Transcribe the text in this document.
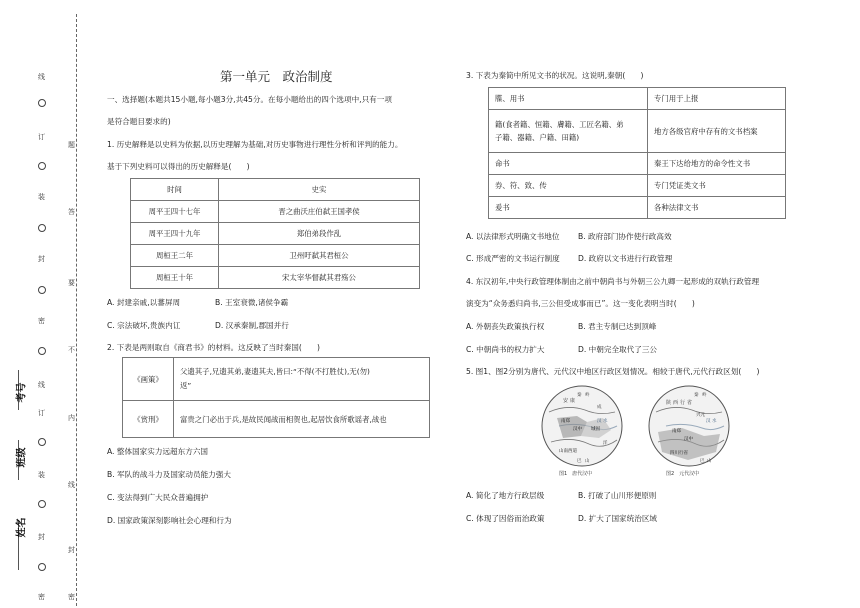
考号
班级
姓名
线
订
装
封
密
线
订
装
封
密
题
答
要
不
内
线
封
密
第一单元　政治制度
一、选择题(本题共15小题,每小题3分,共45分。在每小题给出的四个选项中,只有一项
是符合题目要求的)
1. 历史解释是以史料为依据,以历史理解为基础,对历史事物进行理性分析和评判的能力。
基于下列史料可以得出的历史解释是(　　)
时间	史实
周平王四十七年	晋之曲沃庄伯弑王国孝侯
周平王四十九年	郑伯弟段作乱
周桓王二年	卫州吁弑其君桓公
周桓王十年	宋太宰华督弑其君殇公
A. 封建亲戚,以蕃屏周	B. 王室衰微,诸侯争霸
C. 宗法破坏,贵族内讧	D. 汉承秦制,郡国并行
2. 下表是两则取自《商君书》的材料。这反映了当时秦国(　　)
《画策》	父遗其子,兄遗其弟,妻遗其夫,皆曰:“不得(不打胜仗),无(勿)
返”

《赏刑》	富贵之门必出于兵,是故民闻战而相贺也,起居饮食所歌谣者,战也
A. 整体国家实力远超东方六国
B. 军队的战斗力及国家动员能力强大
C. 变法得到广大民众普遍拥护
D. 国家政策深刻影响社会心理和行为
3. 下表为秦简中所见文书的状况。这说明,秦朝(　　)
牒、用书	专门用于上报
籍(食者籍、恒籍、膚籍、工匠名籍、弟
子籍、器籍、户籍、田籍)	地方各级官府中存有的文书档案
命书	秦王下达给地方的命令性文书
券、符、致、传	专门凭证类文书
爰书	各种法律文书
A. 以法律形式明确文书地位 B. 政府部门协作使行政高效
C. 形成严密的文书运行制度 D. 政府以文书进行行政管理
4. 东汉初年,中央行政管理体制由之前中朝尚书与外朝三公九卿一起形成的双轨行政管理
演变为“众务悉归尚书,三公但受成事而已”。这一变化表明当时(　　)
A. 外朝丧失政策执行权	B. 君主专制已达到顶峰
C. 中朝尚书的权力扩大	D. 中朝完全取代了三公
5. 图1、图2分别为唐代、元代汉中地区行政区划情况。相较于唐代,元代行政区划(　　)
安 康
南郑
汉中 城固
山南西道
成
洋
秦 岭
巴 山
汉 水
图1　唐代汉中
陕 西 行 省
南郑
汉中
四川行省
秦 岭
巴 山
汉 水
兴元
图2　元代汉中
A. 简化了地方行政层级	B. 打破了山川形便原则
C. 体现了因俗而治政策	D. 扩大了国家统治区域
